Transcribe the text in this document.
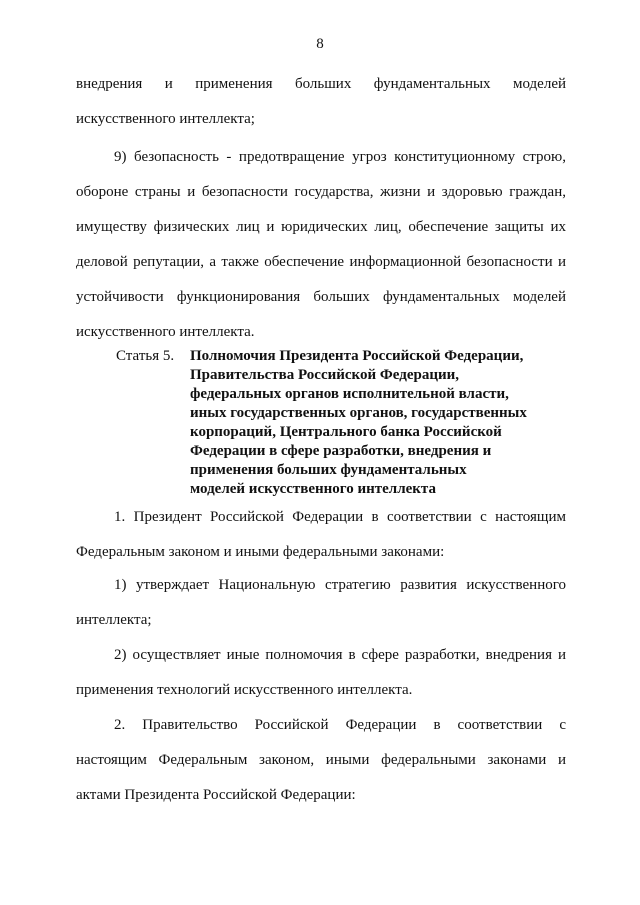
8
внедрения и применения больших фундаментальных моделей
искусственного интеллекта;
9) безопасность - предотвращение угроз конституционному строю,
обороне страны и безопасности государства, жизни и здоровью граждан,
имуществу физических лиц и юридических лиц, обеспечение защиты их
деловой репутации, а также обеспечение информационной безопасности и
устойчивости функционирования больших фундаментальных моделей
искусственного интеллекта.
Статья 5.	Полномочия Президента Российской Федерации,
Правительства Российской Федерации,
федеральных органов исполнительной власти,
иных государственных органов, государственных
корпораций, Центрального банка Российской
Федерации в сфере разработки, внедрения и
применения больших фундаментальных
моделей искусственного интеллекта
1. Президент Российской Федерации в соответствии с настоящим
Федеральным законом и иными федеральными законами:
1) утверждает Национальную стратегию развития искусственного
интеллекта;
2) осуществляет иные полномочия в сфере разработки, внедрения и
применения технологий искусственного интеллекта.
2. Правительство Российской Федерации в соответствии с
настоящим Федеральным законом, иными федеральными законами и
актами Президента Российской Федерации:
